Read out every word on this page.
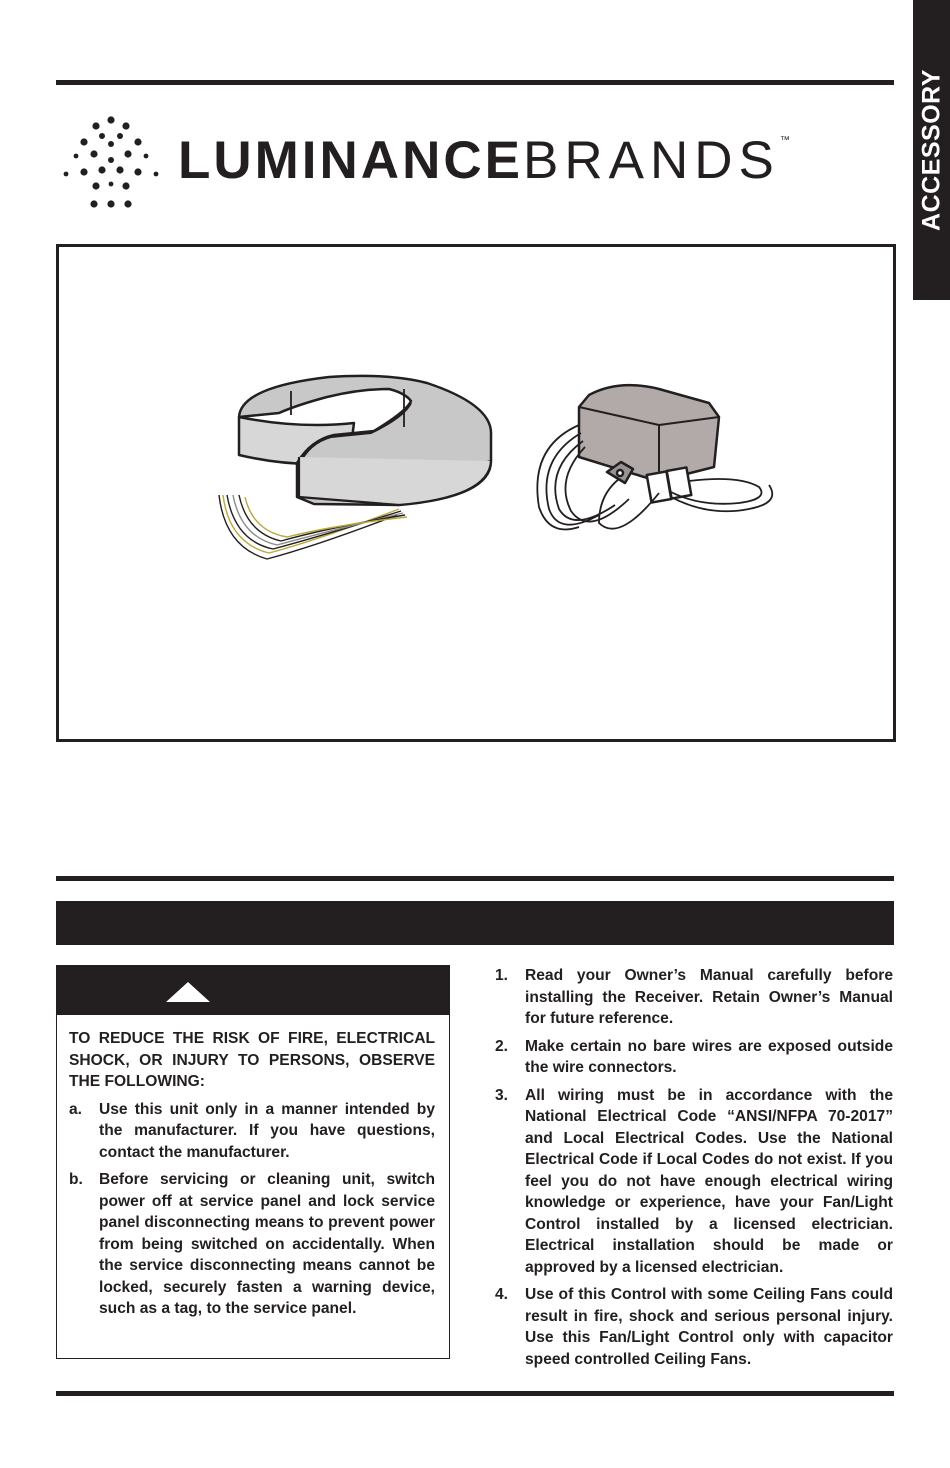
ACCESSORY
LUMINANCEBRANDS™

TO REDUCE THE RISK OF FIRE, ELECTRICAL SHOCK, OR INJURY TO PERSONS, OBSERVE THE FOLLOWING:

a. Use this unit only in a manner intended by the manufacturer. If you have questions, contact the manufacturer.
b. Before servicing or cleaning unit, switch power off at service panel and lock service panel disconnecting means to prevent power from being switched on accidentally. When the service disconnecting means cannot be locked, securely fasten a warning device, such as a tag, to the service panel.
1. Read your Owner’s Manual carefully before installing the Receiver. Retain Owner’s Manual for future reference.
2. Make certain no bare wires are exposed outside the wire connectors.
3. All wiring must be in accordance with the National Electrical Code “ANSI/NFPA 70-2017” and Local Electrical Codes. Use the National Electrical Code if Local Codes do not exist. If you feel you do not have enough electrical wiring knowledge or experience, have your Fan/Light Control installed by a licensed electrician. Electrical installation should be made or approved by a licensed electrician.
4. Use of this Control with some Ceiling Fans could result in fire, shock and serious personal injury. Use this Fan/Light Control only with capacitor speed controlled Ceiling Fans.
